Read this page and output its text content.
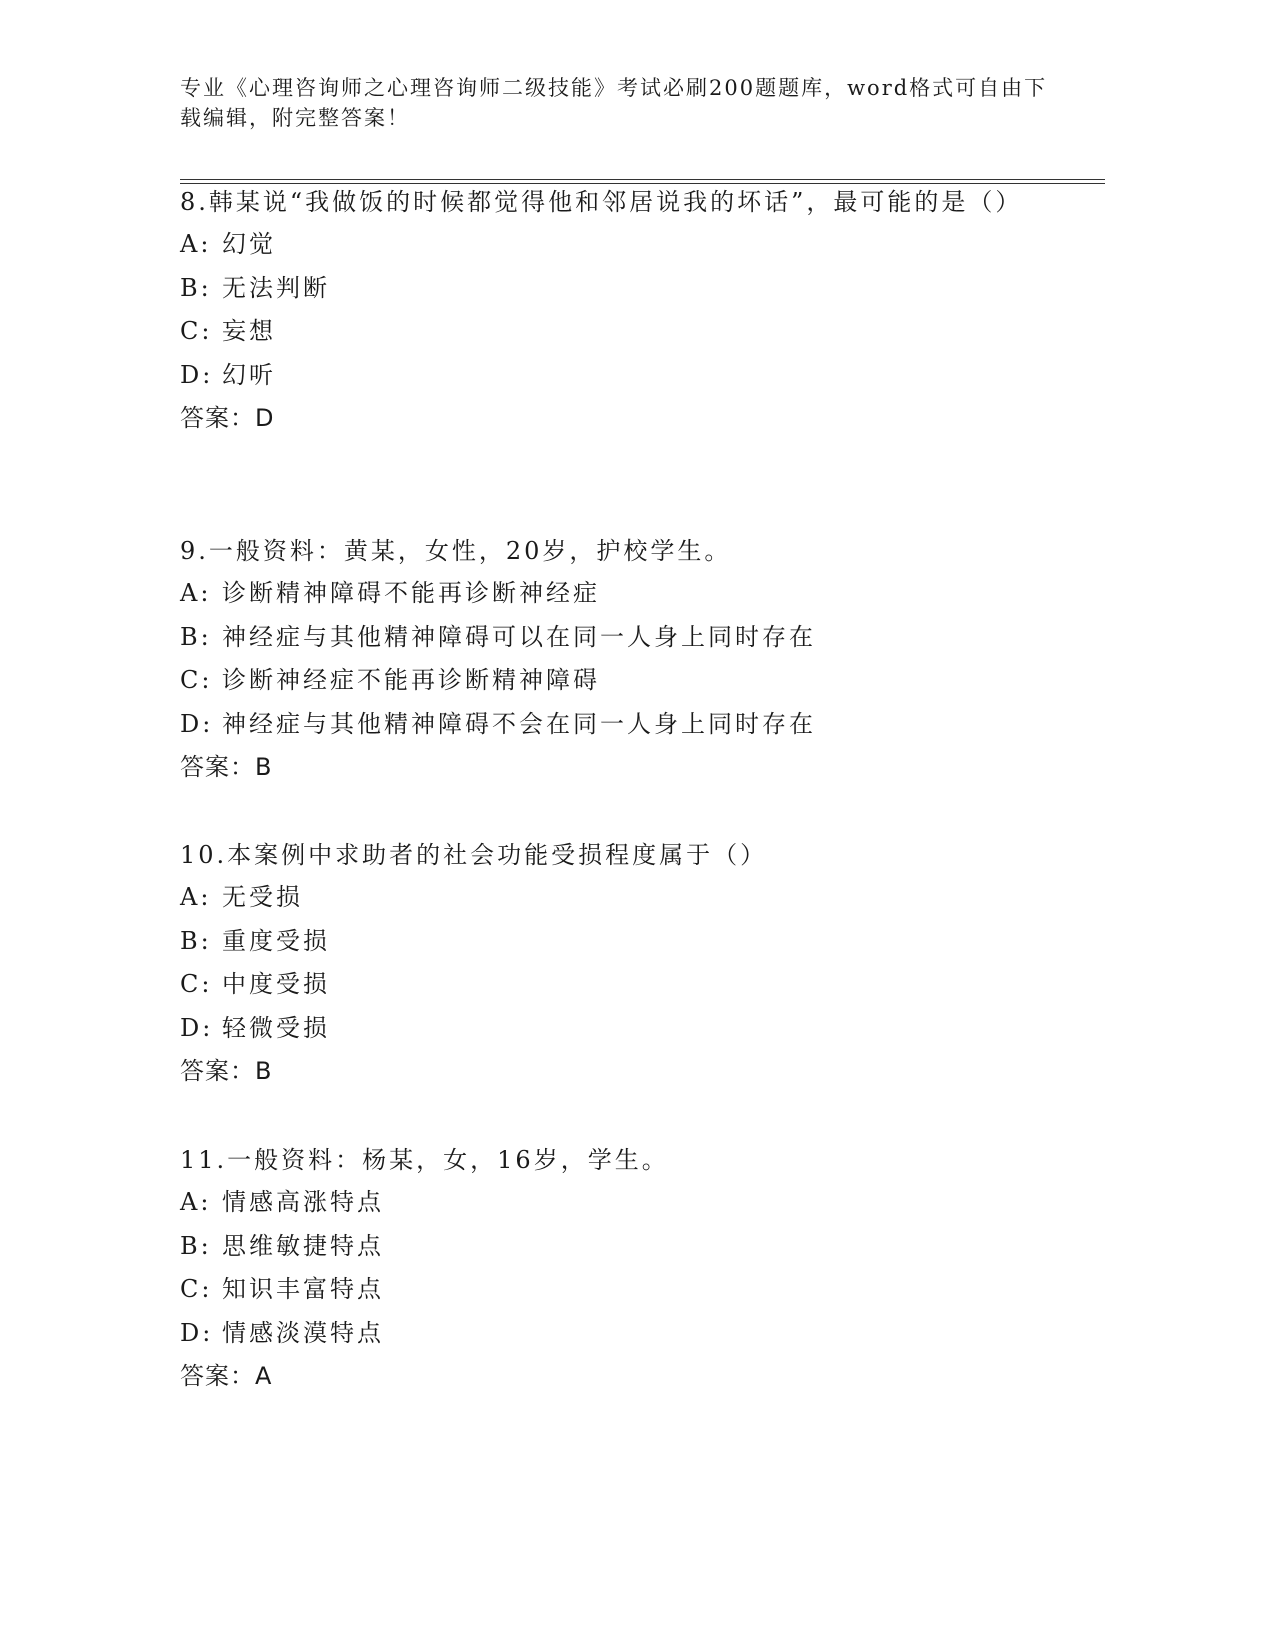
专业《心理咨询师之心理咨询师二级技能》考试必刷200题题库，word格式可自由下载编辑，附完整答案！
8.韩某说“我做饭的时候都觉得他和邻居说我的坏话”，最可能的是（）
A: 幻觉
B: 无法判断
C: 妄想
D: 幻听
答案：D
9.一般资料：黄某，女性，20岁，护校学生。
A: 诊断精神障碍不能再诊断神经症
B: 神经症与其他精神障碍可以在同一人身上同时存在
C: 诊断神经症不能再诊断精神障碍
D: 神经症与其他精神障碍不会在同一人身上同时存在
答案：B
10.本案例中求助者的社会功能受损程度属于（）
A: 无受损
B: 重度受损
C: 中度受损
D: 轻微受损
答案：B
11.一般资料：杨某，女，16岁，学生。
A: 情感高涨特点
B: 思维敏捷特点
C: 知识丰富特点
D: 情感淡漠特点
答案：A
